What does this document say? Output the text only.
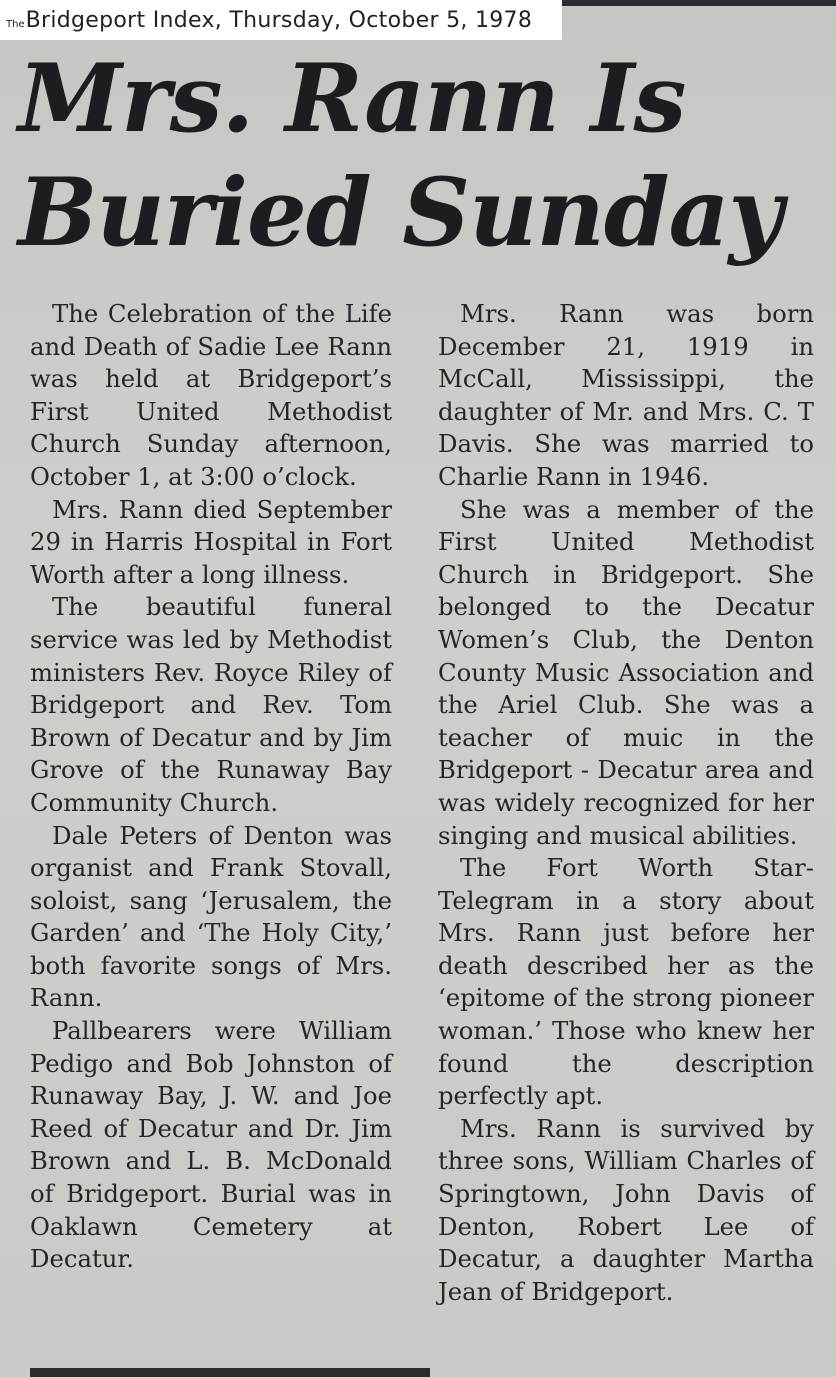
The Bridgeport Index, Thursday, October 5, 1978
Mrs. Rann Is
Buried Sunday

The Celebration of the Life and Death of Sadie Lee Rann was held at Bridgeport’s First United Methodist Church Sunday afternoon, October 1, at 3:00 o’clock.

Mrs. Rann died September 29 in Harris Hospital in Fort Worth after a long illness.

The beautiful funeral service was led by Methodist ministers Rev. Royce Riley of Bridgeport and Rev. Tom Brown of Decatur and by Jim Grove of the Runaway Bay Community Church.

Dale Peters of Denton was organist and Frank Stovall, soloist, sang ‘Jerusalem, the Garden’ and ‘The Holy City,’ both favorite songs of Mrs. Rann.

Pallbearers were William Pedigo and Bob Johnston of Runaway Bay, J. W. and Joe Reed of Decatur and Dr. Jim Brown and L. B. McDonald of Bridgeport. Burial was in Oaklawn Cemetery at Decatur.

Mrs. Rann was born December 21, 1919 in McCall, Mississippi, the daughter of Mr. and Mrs. C. T Davis. She was married to Charlie Rann in 1946.

She was a member of the First United Methodist Church in Bridgeport. She belonged to the Decatur Women’s Club, the Denton County Music Association and the Ariel Club. She was a teacher of muic in the Bridgeport - Decatur area and was widely recognized for her singing and musical abilities.

The Fort Worth Star-Telegram in a story about Mrs. Rann just before her death described her as the ‘epitome of the strong pioneer woman.’ Those who knew her found the description perfectly apt.

Mrs. Rann is survived by three sons, William Charles of Springtown, John Davis of Denton, Robert Lee of Decatur, a daughter Martha Jean of Bridgeport.
